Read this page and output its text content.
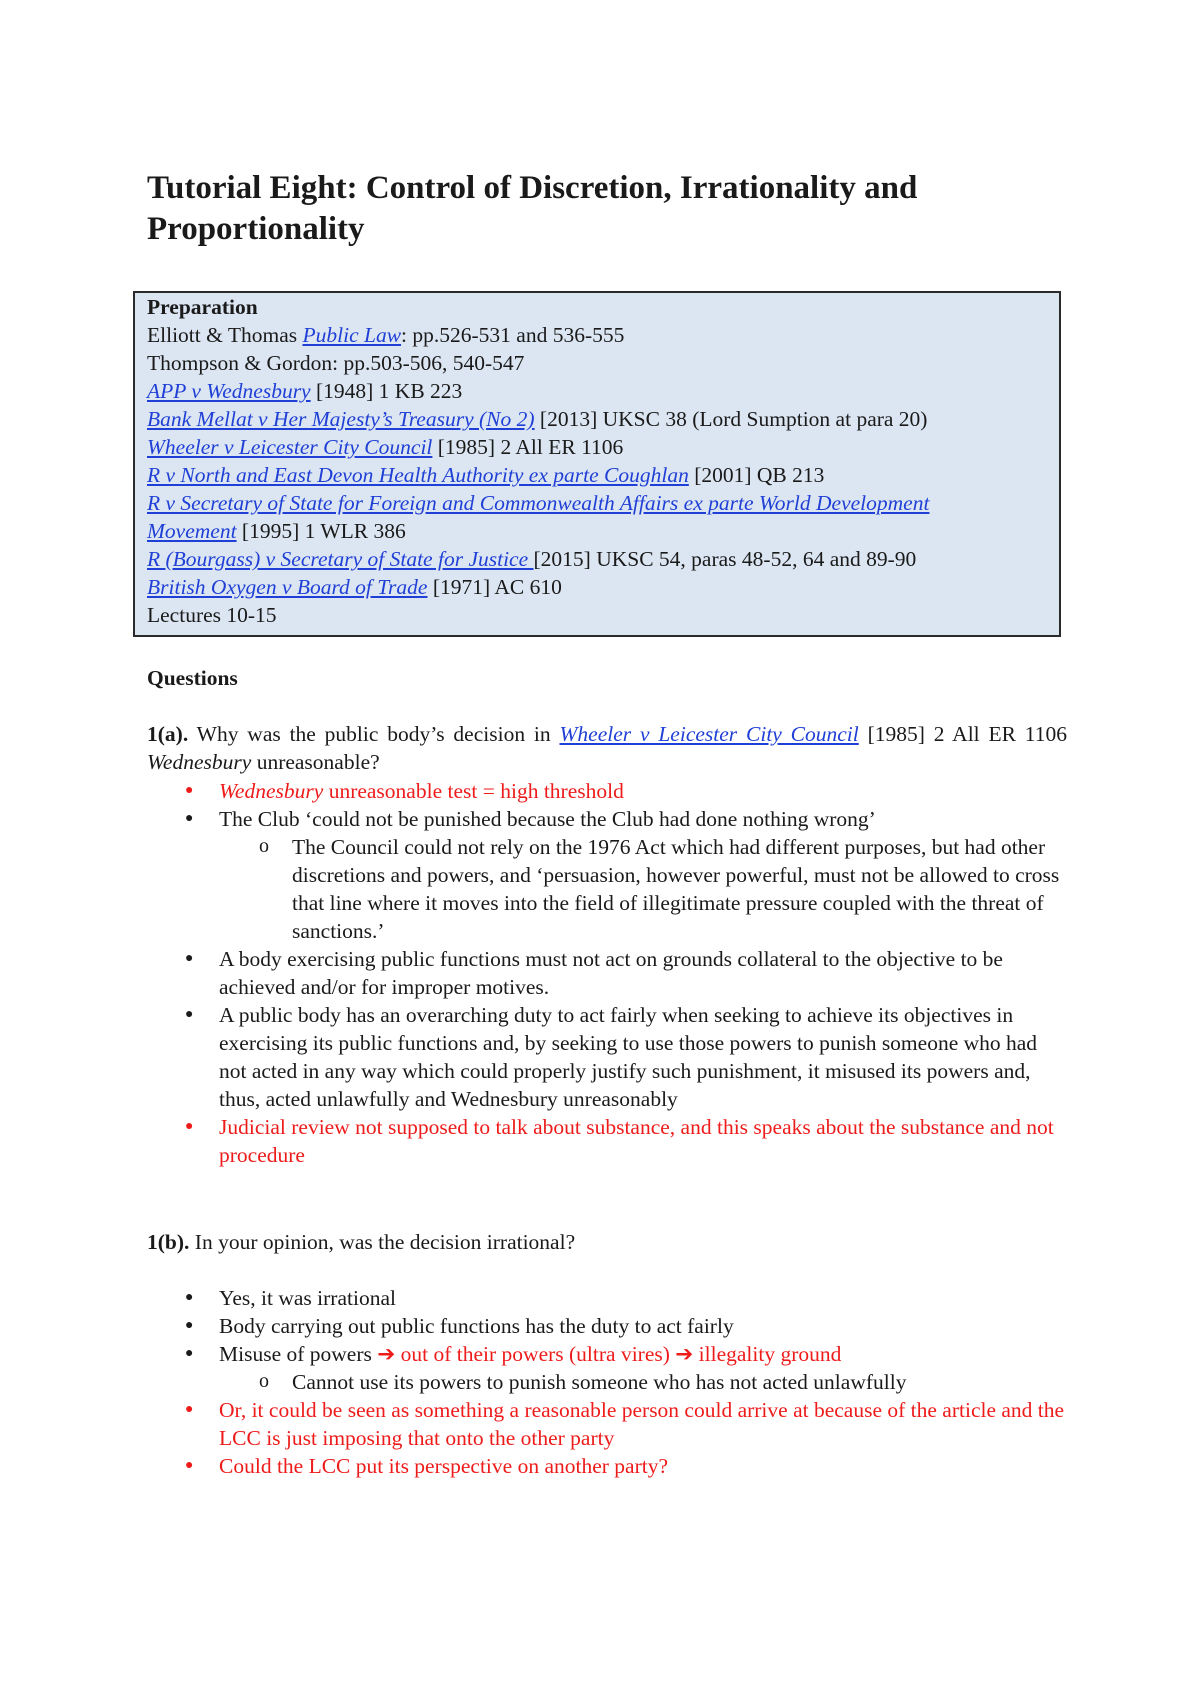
Tutorial Eight: Control of Discretion, Irrationality and Proportionality
Preparation
Elliott & Thomas Public Law: pp.526-531 and 536-555
Thompson & Gordon: pp.503-506, 540-547
APP v Wednesbury [1948] 1 KB 223
Bank Mellat v Her Majesty’s Treasury (No 2) [2013] UKSC 38 (Lord Sumption at para 20)
Wheeler v Leicester City Council [1985] 2 All ER 1106
R v North and East Devon Health Authority ex parte Coughlan [2001] QB 213
R v Secretary of State for Foreign and Commonwealth Affairs ex parte World Development
Movement [1995] 1 WLR 386
R (Bourgass) v Secretary of State for Justice [2015] UKSC 54, paras 48-52, 64 and 89-90
British Oxygen v Board of Trade [1971] AC 610
Lectures 10-15
Questions

1(a). Why was the public body’s decision in Wheeler v Leicester City Council [1985] 2 All ER 1106 Wednesbury unreasonable?

● Wednesbury unreasonable test = high threshold
● The Club ‘could not be punished because the Club had done nothing wrong’
o The Council could not rely on the 1976 Act which had different purposes, but had other discretions and powers, and ‘persuasion, however powerful, must not be allowed to cross that line where it moves into the field of illegitimate pressure coupled with the threat of sanctions.’
● A body exercising public functions must not act on grounds collateral to the objective to be achieved and/or for improper motives.
● A public body has an overarching duty to act fairly when seeking to achieve its objectives in exercising its public functions and, by seeking to use those powers to punish someone who had not acted in any way which could properly justify such punishment, it misused its powers and, thus, acted unlawfully and Wednesbury unreasonably
● Judicial review not supposed to talk about substance, and this speaks about the substance and not procedure

1(b). In your opinion, was the decision irrational?

● Yes, it was irrational
● Body carrying out public functions has the duty to act fairly
● Misuse of powers ➔ out of their powers (ultra vires) ➔ illegality ground
o Cannot use its powers to punish someone who has not acted unlawfully
● Or, it could be seen as something a reasonable person could arrive at because of the article and the LCC is just imposing that onto the other party
● Could the LCC put its perspective on another party?
